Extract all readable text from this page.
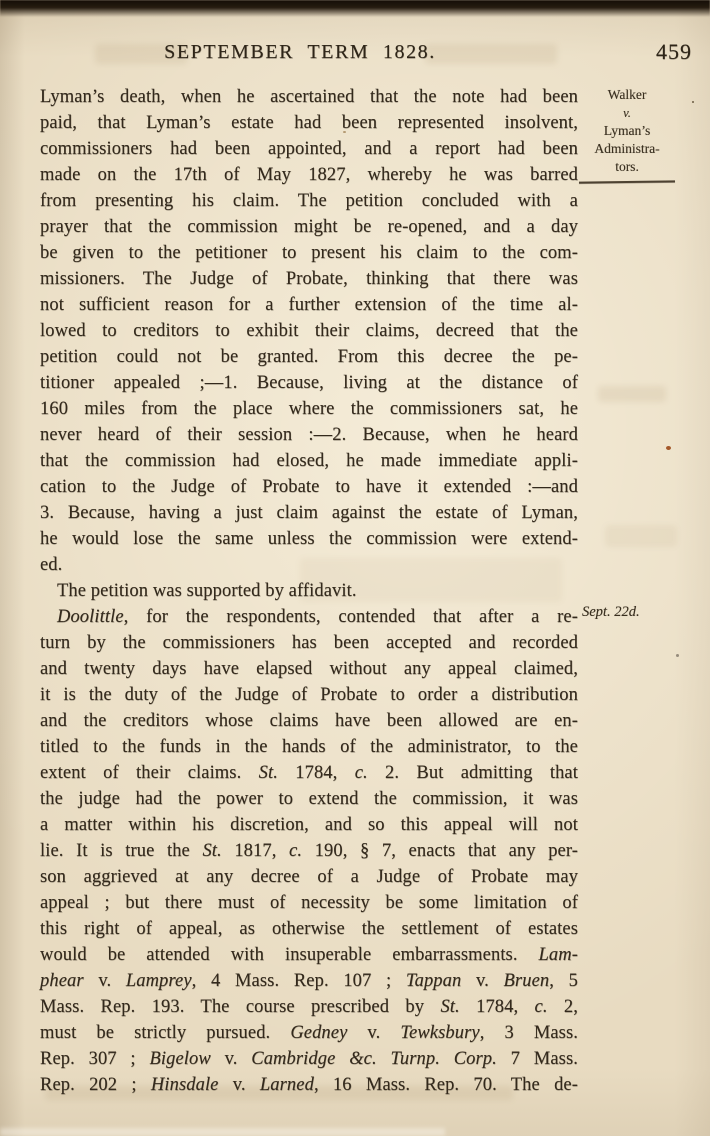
SEPTEMBER TERM 1828.	459
Lyman’s death, when he ascertained that the note had been
paid, that Lyman’s estate had been represented insolvent,
commissioners had been appointed, and a report had been
made on the 17th of May 1827, whereby he was barred
from presenting his claim. The petition concluded with a
prayer that the commission might be re-opened, and a day
be given to the petitioner to present his claim to the com-
missioners. The Judge of Probate, thinking that there was
not sufficient reason for a further extension of the time al-
lowed to creditors to exhibit their claims, decreed that the
petition could not be granted. From this decree the pe-
titioner appealed ;—1. Because, living at the distance of
160 miles from the place where the commissioners sat, he
never heard of their session :—2. Because, when he heard
that the commission had elosed, he made immediate appli-
cation to the Judge of Probate to have it extended :—and
3. Because, having a just claim against the estate of Lyman,
he would lose the same unless the commission were extend-
ed.
The petition was supported by affidavit.
Doolittle, for the respondents, contended that after a re-
turn by the commissioners has been accepted and recorded
and twenty days have elapsed without any appeal claimed,
it is the duty of the Judge of Probate to order a distribution
and the creditors whose claims have been allowed are en-
titled to the funds in the hands of the administrator, to the
extent of their claims. St. 1784, c. 2. But admitting that
the judge had the power to extend the commission, it was
a matter within his discretion, and so this appeal will not
lie. It is true the St. 1817, c. 190, § 7, enacts that any per-
son aggrieved at any decree of a Judge of Probate may
appeal ; but there must of necessity be some limitation of
this right of appeal, as otherwise the settlement of estates
would be attended with insuperable embarrassments. Lam-
phear v. Lamprey, 4 Mass. Rep. 107 ; Tappan v. Bruen, 5
Mass. Rep. 193. The course prescribed by St. 1784, c. 2,
must be strictly pursued. Gedney v. Tewksbury, 3 Mass.
Rep. 307 ; Bigelow v. Cambridge &c. Turnp. Corp. 7 Mass.
Rep. 202 ; Hinsdale v. Larned, 16 Mass. Rep. 70. The de-
Walker
v.
Lyman’s
Administra-
tors.
Sept. 22d.
